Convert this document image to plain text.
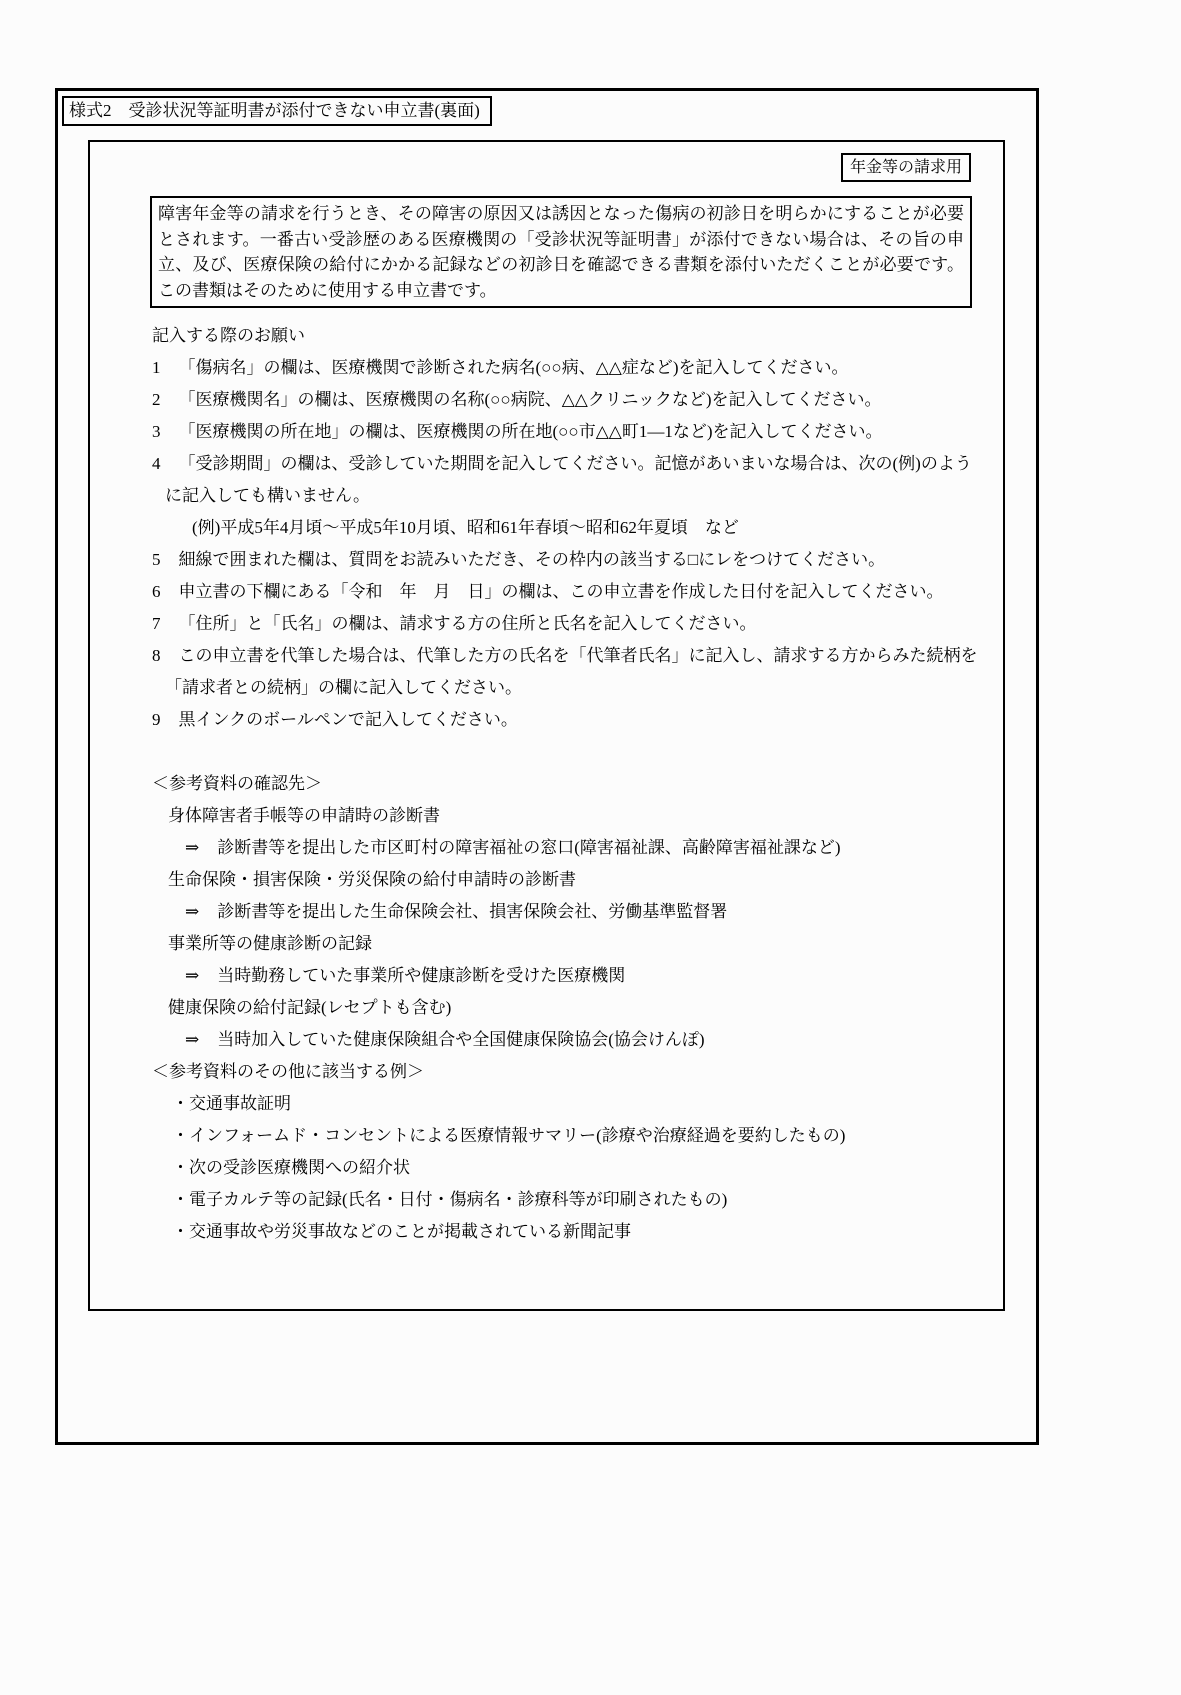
様式2　受診状況等証明書が添付できない申立書(裏面)
年金等の請求用
障害年金等の請求を行うとき、その障害の原因又は誘因となった傷病の初診日を明らかにすることが必要とされます。一番古い受診歴のある医療機関の「受診状況等証明書」が添付できない場合は、その旨の申立、及び、医療保険の給付にかかる記録などの初診日を確認できる書類を添付いただくことが必要です。この書類はそのために使用する申立書です。
記入する際のお願い
1 「傷病名」の欄は、医療機関で診断された病名(○○病、△△症など)を記入してください。
2 「医療機関名」の欄は、医療機関の名称(○○病院、△△クリニックなど)を記入してください。
3 「医療機関の所在地」の欄は、医療機関の所在地(○○市△△町1―1など)を記入してください。
4 「受診期間」の欄は、受診していた期間を記入してください。記憶があいまいな場合は、次の(例)のように記入しても構いません。
(例)平成5年4月頃～平成5年10月頃、昭和61年春頃～昭和62年夏頃　など
5 細線で囲まれた欄は、質問をお読みいただき、その枠内の該当する□にレをつけてください。
6 申立書の下欄にある「令和　年　月　日」の欄は、この申立書を作成した日付を記入してください。
7 「住所」と「氏名」の欄は、請求する方の住所と氏名を記入してください。
8 この申立書を代筆した場合は、代筆した方の氏名を「代筆者氏名」に記入し、請求する方からみた続柄を「請求者との続柄」の欄に記入してください。
9 黒インクのボールペンで記入してください。
＜参考資料の確認先＞
身体障害者手帳等の申請時の診断書
⇒ 診断書等を提出した市区町村の障害福祉の窓口(障害福祉課、高齢障害福祉課など)
生命保険・損害保険・労災保険の給付申請時の診断書
⇒ 診断書等を提出した生命保険会社、損害保険会社、労働基準監督署
事業所等の健康診断の記録
⇒ 当時勤務していた事業所や健康診断を受けた医療機関
健康保険の給付記録(レセプトも含む)
⇒ 当時加入していた健康保険組合や全国健康保険協会(協会けんぽ)
＜参考資料のその他に該当する例＞
・交通事故証明
・インフォームド・コンセントによる医療情報サマリー(診療や治療経過を要約したもの)
・次の受診医療機関への紹介状
・電子カルテ等の記録(氏名・日付・傷病名・診療科等が印刷されたもの)
・交通事故や労災事故などのことが掲載されている新聞記事
